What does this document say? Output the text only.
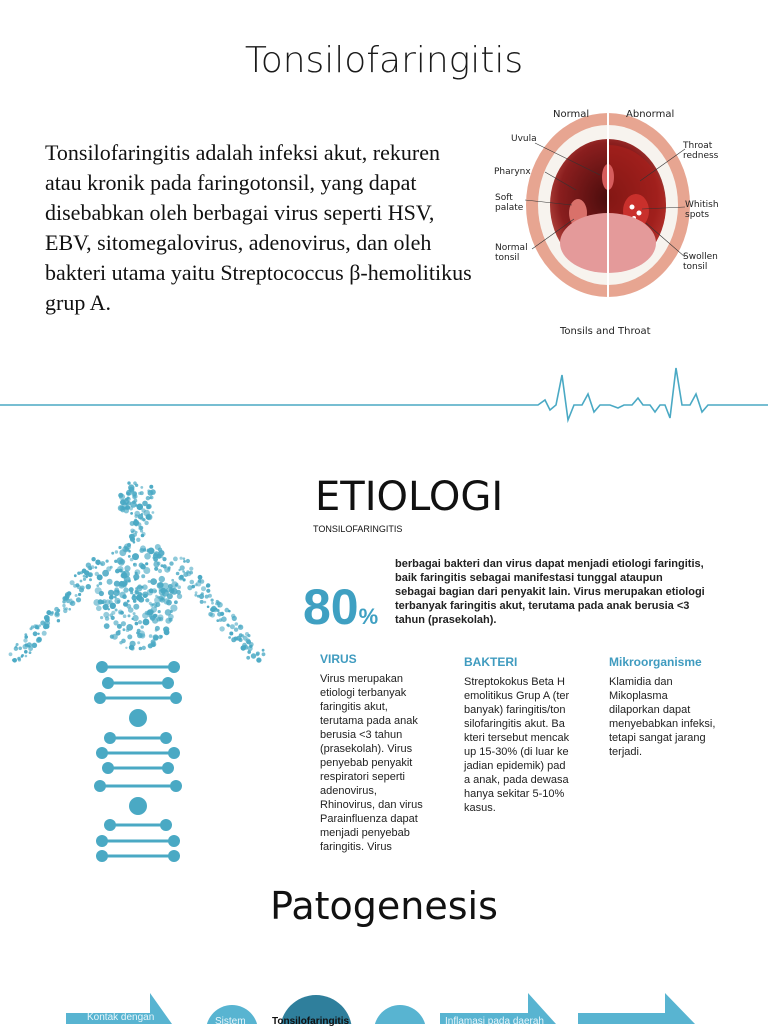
Tonsilofaringitis
Tonsilofaringitis adalah infeksi akut, rekuren atau kronik pada faringotonsil, yang dapat disebabkan oleh berbagai virus seperti HSV, EBV, sitomegalovirus, adenovirus, dan oleh bakteri utama yaitu Streptococcus β-hemolitikus grup A.
Normal	Abnormal
Uvula
Pharynx
Soft
palate
Normal
tonsil
Throat
redness
Whitish
spots
Swollen
tonsil
Tonsils and Throat
ETIOLOGI
TONSILOFARINGITIS
80%
berbagai bakteri dan virus dapat menjadi etiologi faringitis, baik faringitis sebagai manifestasi tunggal ataupun sebagai bagian dari penyakit lain. Virus merupakan etiologi terbanyak faringitis akut, terutama pada anak berusia <3 tahun (prasekolah).
VIRUS
Virus merupakan etiologi terbanyak faringitis akut, terutama pada anak berusia <3 tahun (prasekolah). Virus penyebab penyakit respiratori seperti adenovirus, Rhinovirus, dan virus Parainfluenza dapat menjadi penyebab faringitis. Virus
BAKTERI
Streptokokus Beta Hemolitikus Grup A (terbanyak) faringitis/tonsilofaringitis akut. Bakteri tersebut mencakup 15-30% (di luar kejadian epidemik) pada anak, pada dewasa hanya sekitar 5-10% kasus.
Mikroorganisme
Klamidia dan Mikoplasma dilaporkan dapat menyebabkan infeksi, tetapi sangat jarang terjadi.
Patogenesis
Kontak dengan	Sistem	Tonsilofaringitis	Inflamasi pada daerah
